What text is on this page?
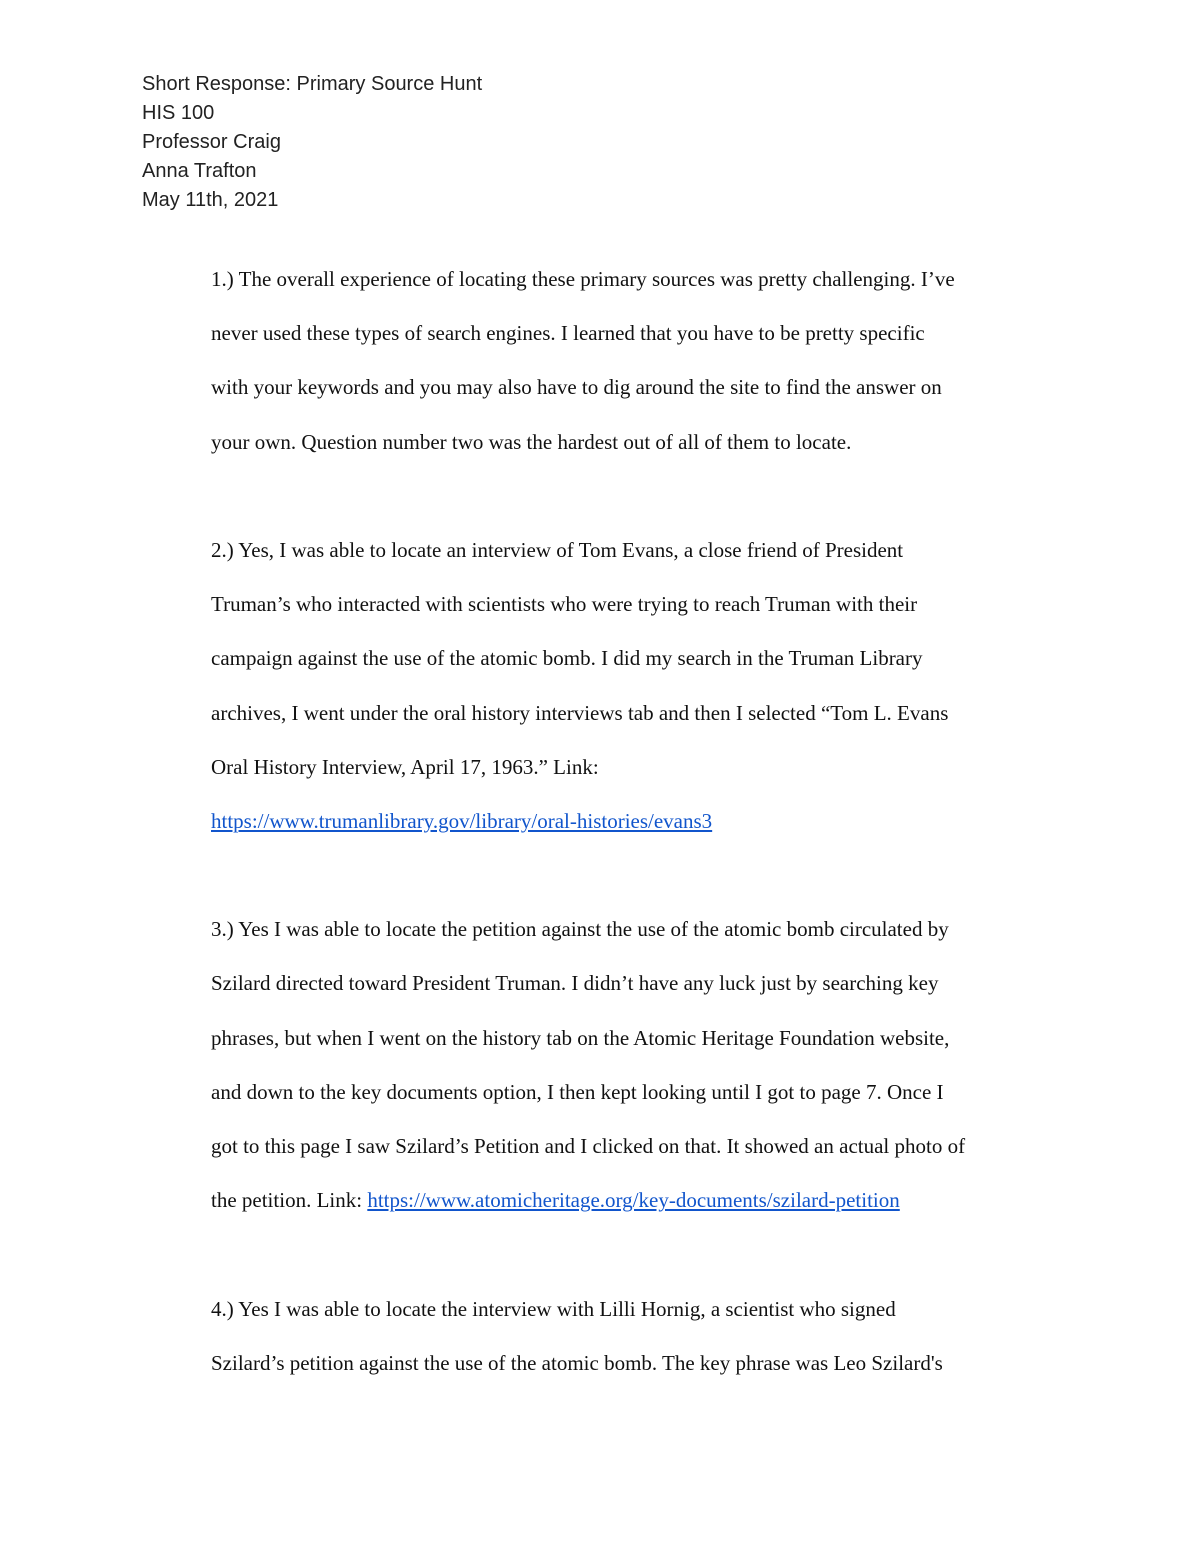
Short Response: Primary Source Hunt
HIS 100
Professor Craig
Anna Trafton
May 11th, 2021
1.) The overall experience of locating these primary sources was pretty challenging. I’ve
never used these types of search engines. I learned that you have to be pretty specific
with your keywords and you may also have to dig around the site to find the answer on
your own. Question number two was the hardest out of all of them to locate.
2.) Yes, I was able to locate an interview of Tom Evans, a close friend of President
Truman’s who interacted with scientists who were trying to reach Truman with their
campaign against the use of the atomic bomb. I did my search in the Truman Library
archives, I went under the oral history interviews tab and then I selected “Tom L. Evans
Oral History Interview, April 17, 1963.” Link:
https://www.trumanlibrary.gov/library/oral-histories/evans3
3.) Yes I was able to locate the petition against the use of the atomic bomb circulated by
Szilard directed toward President Truman. I didn’t have any luck just by searching key
phrases, but when I went on the history tab on the Atomic Heritage Foundation website,
and down to the key documents option, I then kept looking until I got to page 7. Once I
got to this page I saw Szilard’s Petition and I clicked on that. It showed an actual photo of
the petition. Link: https://www.atomicheritage.org/key-documents/szilard-petition
4.) Yes I was able to locate the interview with Lilli Hornig, a scientist who signed
Szilard’s petition against the use of the atomic bomb. The key phrase was Leo Szilard's
